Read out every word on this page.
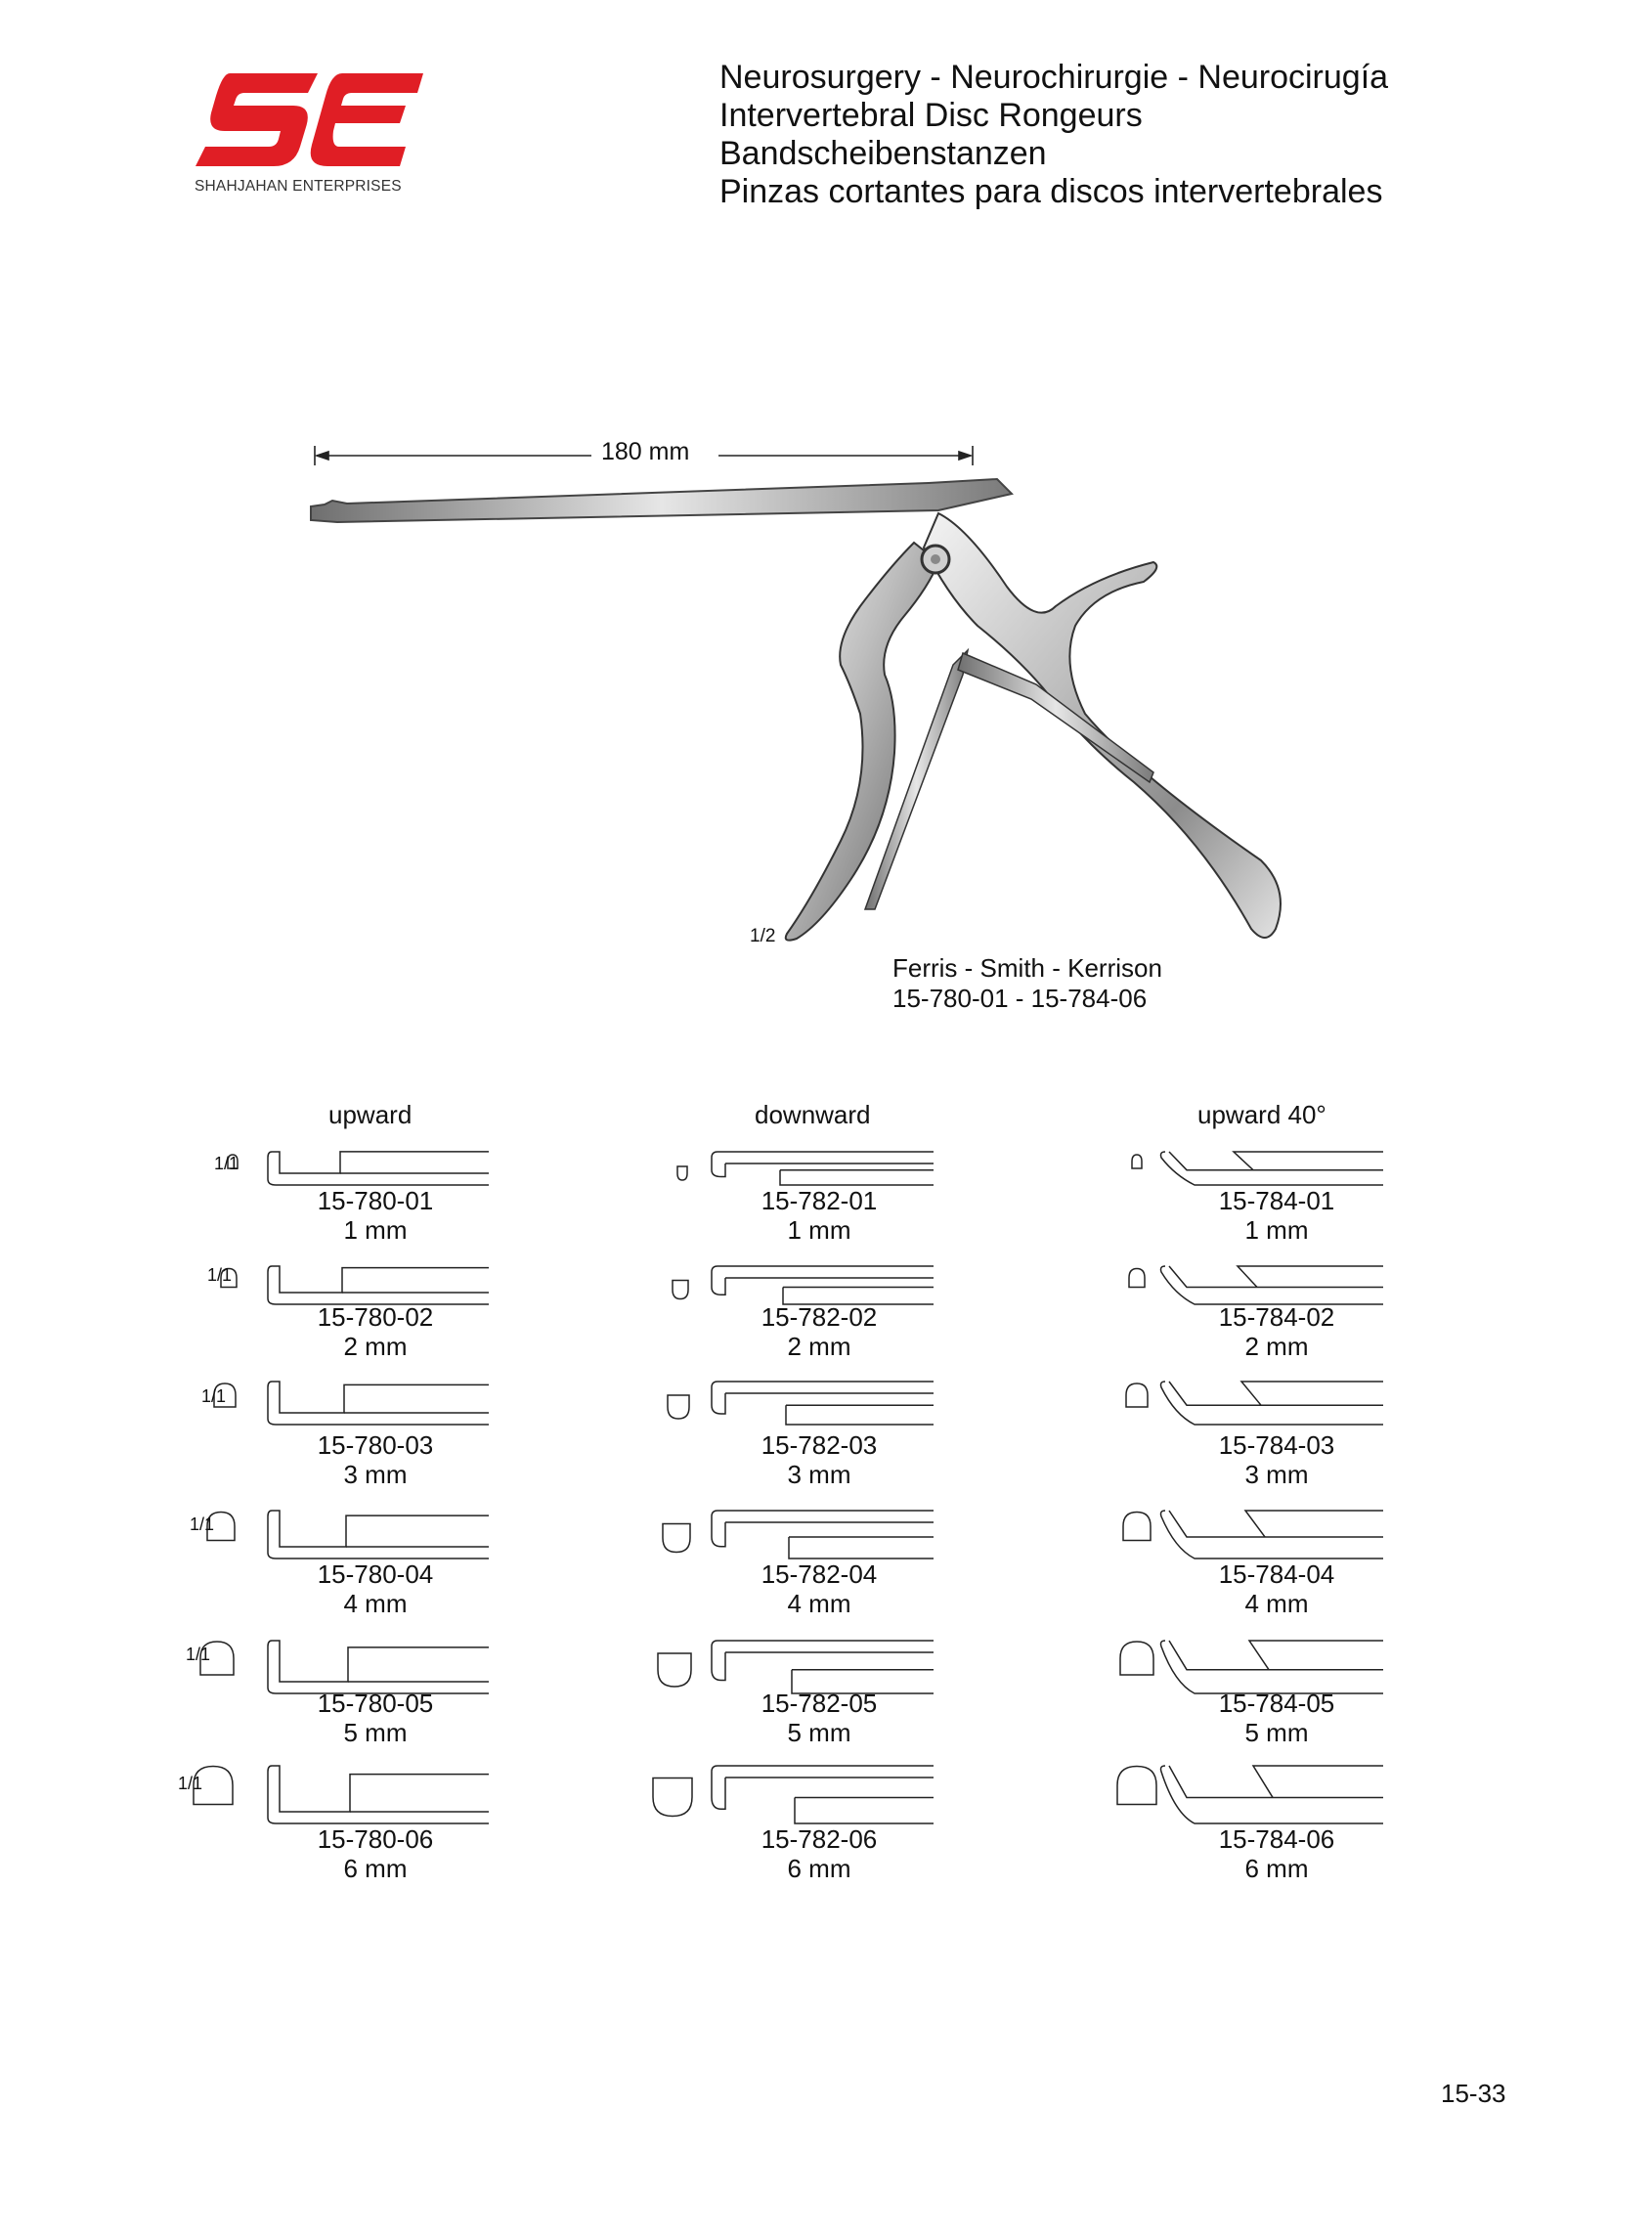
SHAHJAHAN ENTERPRISES
Neurosurgery - Neurochirurgie - Neurocirugía
Intervertebral Disc Rongeurs
Bandscheibenstanzen
Pinzas cortantes para discos intervertebrales
180 mm
1/2
Ferris - Smith - Kerrison
15-780-01 - 15-784-06
upward	downward	upward 40°
15-780-01
1 mm
15-780-02
2 mm
15-780-03
3 mm
15-780-04
4 mm
15-780-05
5 mm
15-780-06
6 mm
15-782-01
1 mm
15-782-02
2 mm
15-782-03
3 mm
15-782-04
4 mm
15-782-05
5 mm
15-782-06
6 mm
15-784-01
1 mm
15-784-02
2 mm
15-784-03
3 mm
15-784-04
4 mm
15-784-05
5 mm
15-784-06
6 mm
1/1
1/1
1/1
1/1
1/1
1/1
15-33
